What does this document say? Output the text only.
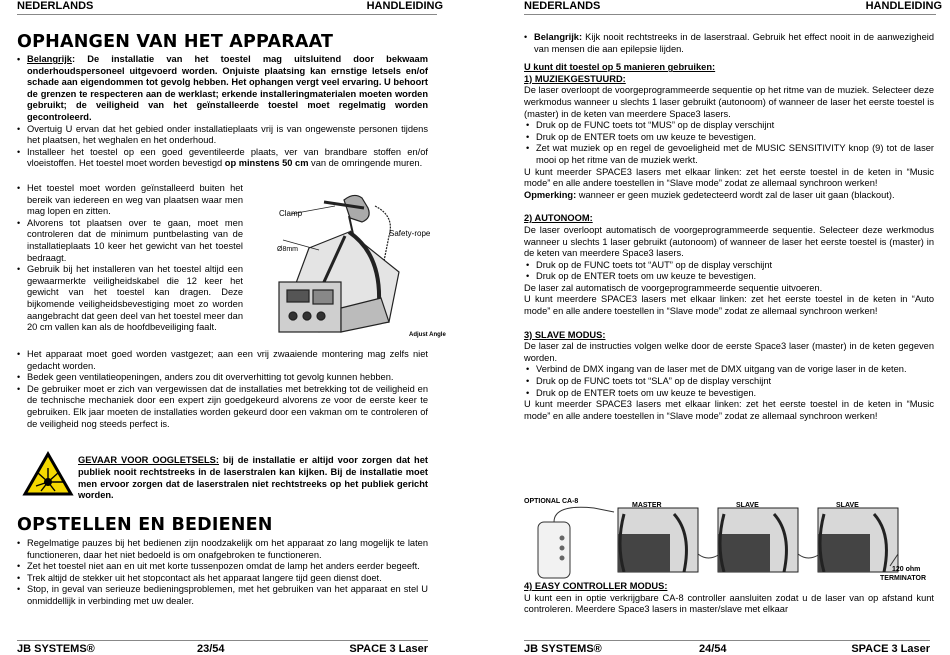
NEDERLANDS	HANDLEIDING
OPHANGEN VAN HET APPARAAT
• Belangrijk: De installatie van het toestel mag uitsluitend door bekwaam onderhoudspersoneel uitgevoerd worden. Onjuiste plaatsing kan ernstige letsels en/of schade aan eigendommen tot gevolg hebben. Het ophangen vergt veel ervaring. U behoort de grenzen te respecteren aan de werklast; erkende installeringmaterialen moeten worden gebruikt; de veiligheid van het geïnstalleerde toestel moet regelmatig worden gecontroleerd.
• Overtuig U ervan dat het gebied onder installatieplaats vrij is van ongewenste personen tijdens het plaatsen, het weghalen en het onderhoud.
• Installeer het toestel op een goed geventileerde plaats, ver van brandbare stoffen en/of vloeistoffen. Het toestel moet worden bevestigd op minstens 50 cm van de omringende muren.
• Het toestel moet worden geïnstalleerd buiten het bereik van iedereen en weg van plaatsen waar men mag lopen en zitten.
• Alvorens tot plaatsen over te gaan, moet men controleren dat de minimum puntbelasting van de installatieplaats 10 keer het gewicht van het toestel bedraagt.
• Gebruik bij het installeren van het toestel altijd een gewaarmerkte veiligheidskabel die 12 keer het gewicht van het toestel kan dragen. Deze bijkomende veiligheidsbevestiging moet zo worden aangebracht dat geen deel van het toestel meer dan 20 cm vallen kan als de hoofdbeveiliging faalt.
Clamp
Safety-rope
Ø8mm
Adjust Angle
• Het apparaat moet goed worden vastgezet; aan een vrij zwaaiende montering mag zelfs niet gedacht worden.
• Bedek geen ventilatieopeningen, anders zou dit oververhitting tot gevolg kunnen hebben.
• De gebruiker moet er zich van vergewissen dat de installaties met betrekking tot de veiligheid en de technische mechaniek door een expert zijn goedgekeurd alvorens ze voor de eerste keer te gebruiken. Elk jaar moeten de installaties worden gekeurd door een vakman om te controleren of de veiligheid nog steeds perfect is.
GEVAAR VOOR OOGLETSELS: bij de installatie er altijd voor zorgen dat het publiek nooit rechtstreeks in de laserstralen kan kijken. Bij de installatie moet men ervoor zorgen dat de laserstralen niet rechtstreeks op het publiek gericht worden.
OPSTELLEN EN BEDIENEN
• Regelmatige pauzes bij het bedienen zijn noodzakelijk om het apparaat zo lang mogelijk te laten functioneren, daar het niet bedoeld is om onafgebroken te functioneren.
• Zet het toestel niet aan en uit met korte tussenpozen omdat de lamp het anders eerder begeeft.
• Trek altijd de stekker uit het stopcontact als het apparaat langere tijd geen dienst doet.
• Stop, in geval van serieuze bedieningsproblemen, met het gebruiken van het apparaat en stel U onmiddellijk in verbinding met uw dealer.
JB SYSTEMS®	23/54	SPACE 3 Laser
NEDERLANDS	HANDLEIDING
• Belangrijk: Kijk nooit rechtstreeks in de laserstraal. Gebruik het effect nooit in de aanwezigheid van mensen die aan epilepsie lijden.
U kunt dit toestel op 5 manieren gebruiken:
1) MUZIEKGESTUURD:
De laser overloopt de voorgeprogrammeerde sequentie op het ritme van de muziek. Selecteer deze werkmodus wanneer u slechts 1 laser gebruikt (autonoom) of wanneer de laser het eerste toestel is (master) in de keten van meerdere Space3 lasers.
• Druk op de FUNC toets tot “MUS” op de display verschijnt
• Druk op de ENTER toets om uw keuze te bevestigen.
• Zet wat muziek op en regel de gevoeligheid met de MUSIC SENSITIVITY knop (9) tot de laser mooi op het ritme van de muziek werkt.
U kunt meerder SPACE3 lasers met elkaar linken: zet het eerste toestel in de keten in “Music mode” en alle andere toestellen in “Slave mode” zodat ze allemaal synchroon werken!
Opmerking: wanneer er geen muziek gedetecteerd wordt zal de laser uit gaan (blackout).
2) AUTONOOM:
De laser overloopt automatisch de voorgeprogrammeerde sequentie. Selecteer deze werkmodus wanneer u slechts 1 laser gebruikt (autonoom) of wanneer de laser het eerste toestel is (master) in de keten van meerdere Space3 lasers.
• Druk op de FUNC toets tot “AUT” op de display verschijnt
• Druk op de ENTER toets om uw keuze te bevestigen.
De laser zal automatisch de voorgeprogrammeerde sequentie uitvoeren.
U kunt meerdere SPACE3 lasers met elkaar linken: zet het eerste toestel in de keten in “Auto mode” en alle andere toestellen in “Slave mode” zodat ze allemaal synchroon werken!
3) SLAVE MODUS:
De laser zal de instructies volgen welke door de eerste Space3 laser (master) in de keten gegeven worden.
• Verbind de DMX ingang van de laser met de DMX uitgang van de vorige laser in de keten.
• Druk op de FUNC toets tot “SLA” op de display verschijnt
• Druk op de ENTER toets om uw keuze te bevestigen.
U kunt meerder SPACE3 lasers met elkaar linken: zet het eerste toestel in de keten in “Music mode” en alle andere toestellen in “Slave mode” zodat ze allemaal synchroon werken!
OPTIONAL CA-8
MASTER	SLAVE	SLAVE
120 ohm
TERMINATOR
4) EASY CONTROLLER MODUS:
U kunt een in optie verkrijgbare CA-8 controller aansluiten zodat u de laser van op afstand kunt controleren. Meerdere Space3 lasers in master/slave met elkaar
JB SYSTEMS®	24/54	SPACE 3 Laser
